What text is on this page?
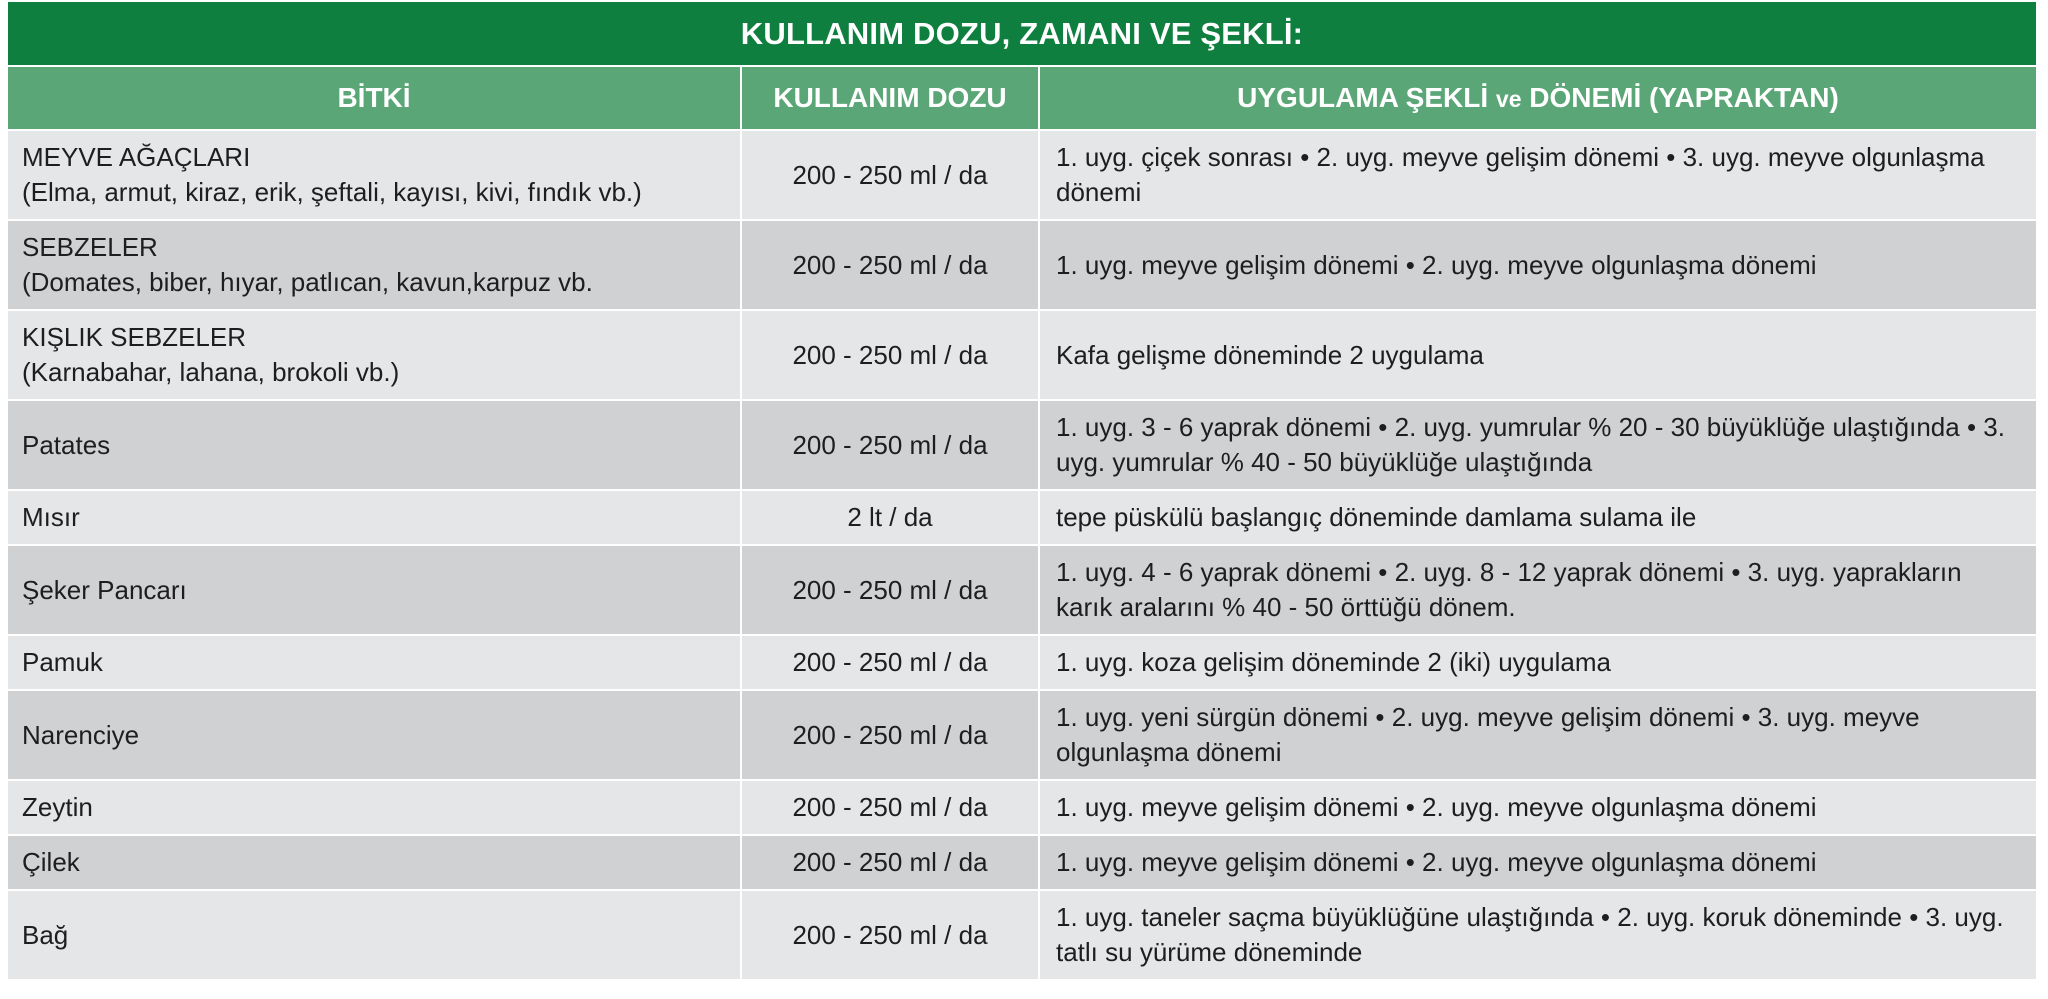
KULLANIM DOZU, ZAMANI VE ŞEKLİ:
BİTKİ	KULLANIM DOZU	UYGULAMA ŞEKLİ ve DÖNEMİ (YAPRAKTAN)

MEYVE AĞAÇLARI
(Elma, armut, kiraz, erik, şeftali, kayısı, kivi, fındık vb.)	200 - 250 ml / da	1. uyg. çiçek sonrası • 2. uyg. meyve gelişim dönemi • 3. uyg. meyve olgunlaşma dönemi

SEBZELER
(Domates, biber, hıyar, patlıcan, kavun,karpuz vb.	200 - 250 ml / da	1. uyg. meyve gelişim dönemi • 2. uyg. meyve olgunlaşma dönemi

KIŞLIK SEBZELER
(Karnabahar, lahana, brokoli vb.)	200 - 250 ml / da	Kafa gelişme döneminde 2 uygulama
Patates	200 - 250 ml / da	1. uyg. 3 - 6 yaprak dönemi • 2. uyg. yumrular % 20 - 30 büyüklüğe ulaştığında • 3. uyg. yumrular % 40 - 50 büyüklüğe ulaştığında
Mısır	2 lt / da	tepe püskülü başlangıç döneminde damlama sulama ile
Şeker Pancarı	200 - 250 ml / da	1. uyg. 4 - 6 yaprak dönemi • 2. uyg. 8 - 12 yaprak dönemi • 3. uyg. yaprakların karık aralarını % 40 - 50 örttüğü dönem.
Pamuk	200 - 250 ml / da	1. uyg. koza gelişim döneminde 2 (iki) uygulama
Narenciye	200 - 250 ml / da	1. uyg. yeni sürgün dönemi • 2. uyg. meyve gelişim dönemi • 3. uyg. meyve olgunlaşma dönemi
Zeytin	200 - 250 ml / da	1. uyg. meyve gelişim dönemi • 2. uyg. meyve olgunlaşma dönemi
Çilek	200 - 250 ml / da	1. uyg. meyve gelişim dönemi • 2. uyg. meyve olgunlaşma dönemi
Bağ	200 - 250 ml / da	1. uyg. taneler saçma büyüklüğüne ulaştığında • 2. uyg. koruk döneminde • 3. uyg. tatlı su yürüme döneminde
